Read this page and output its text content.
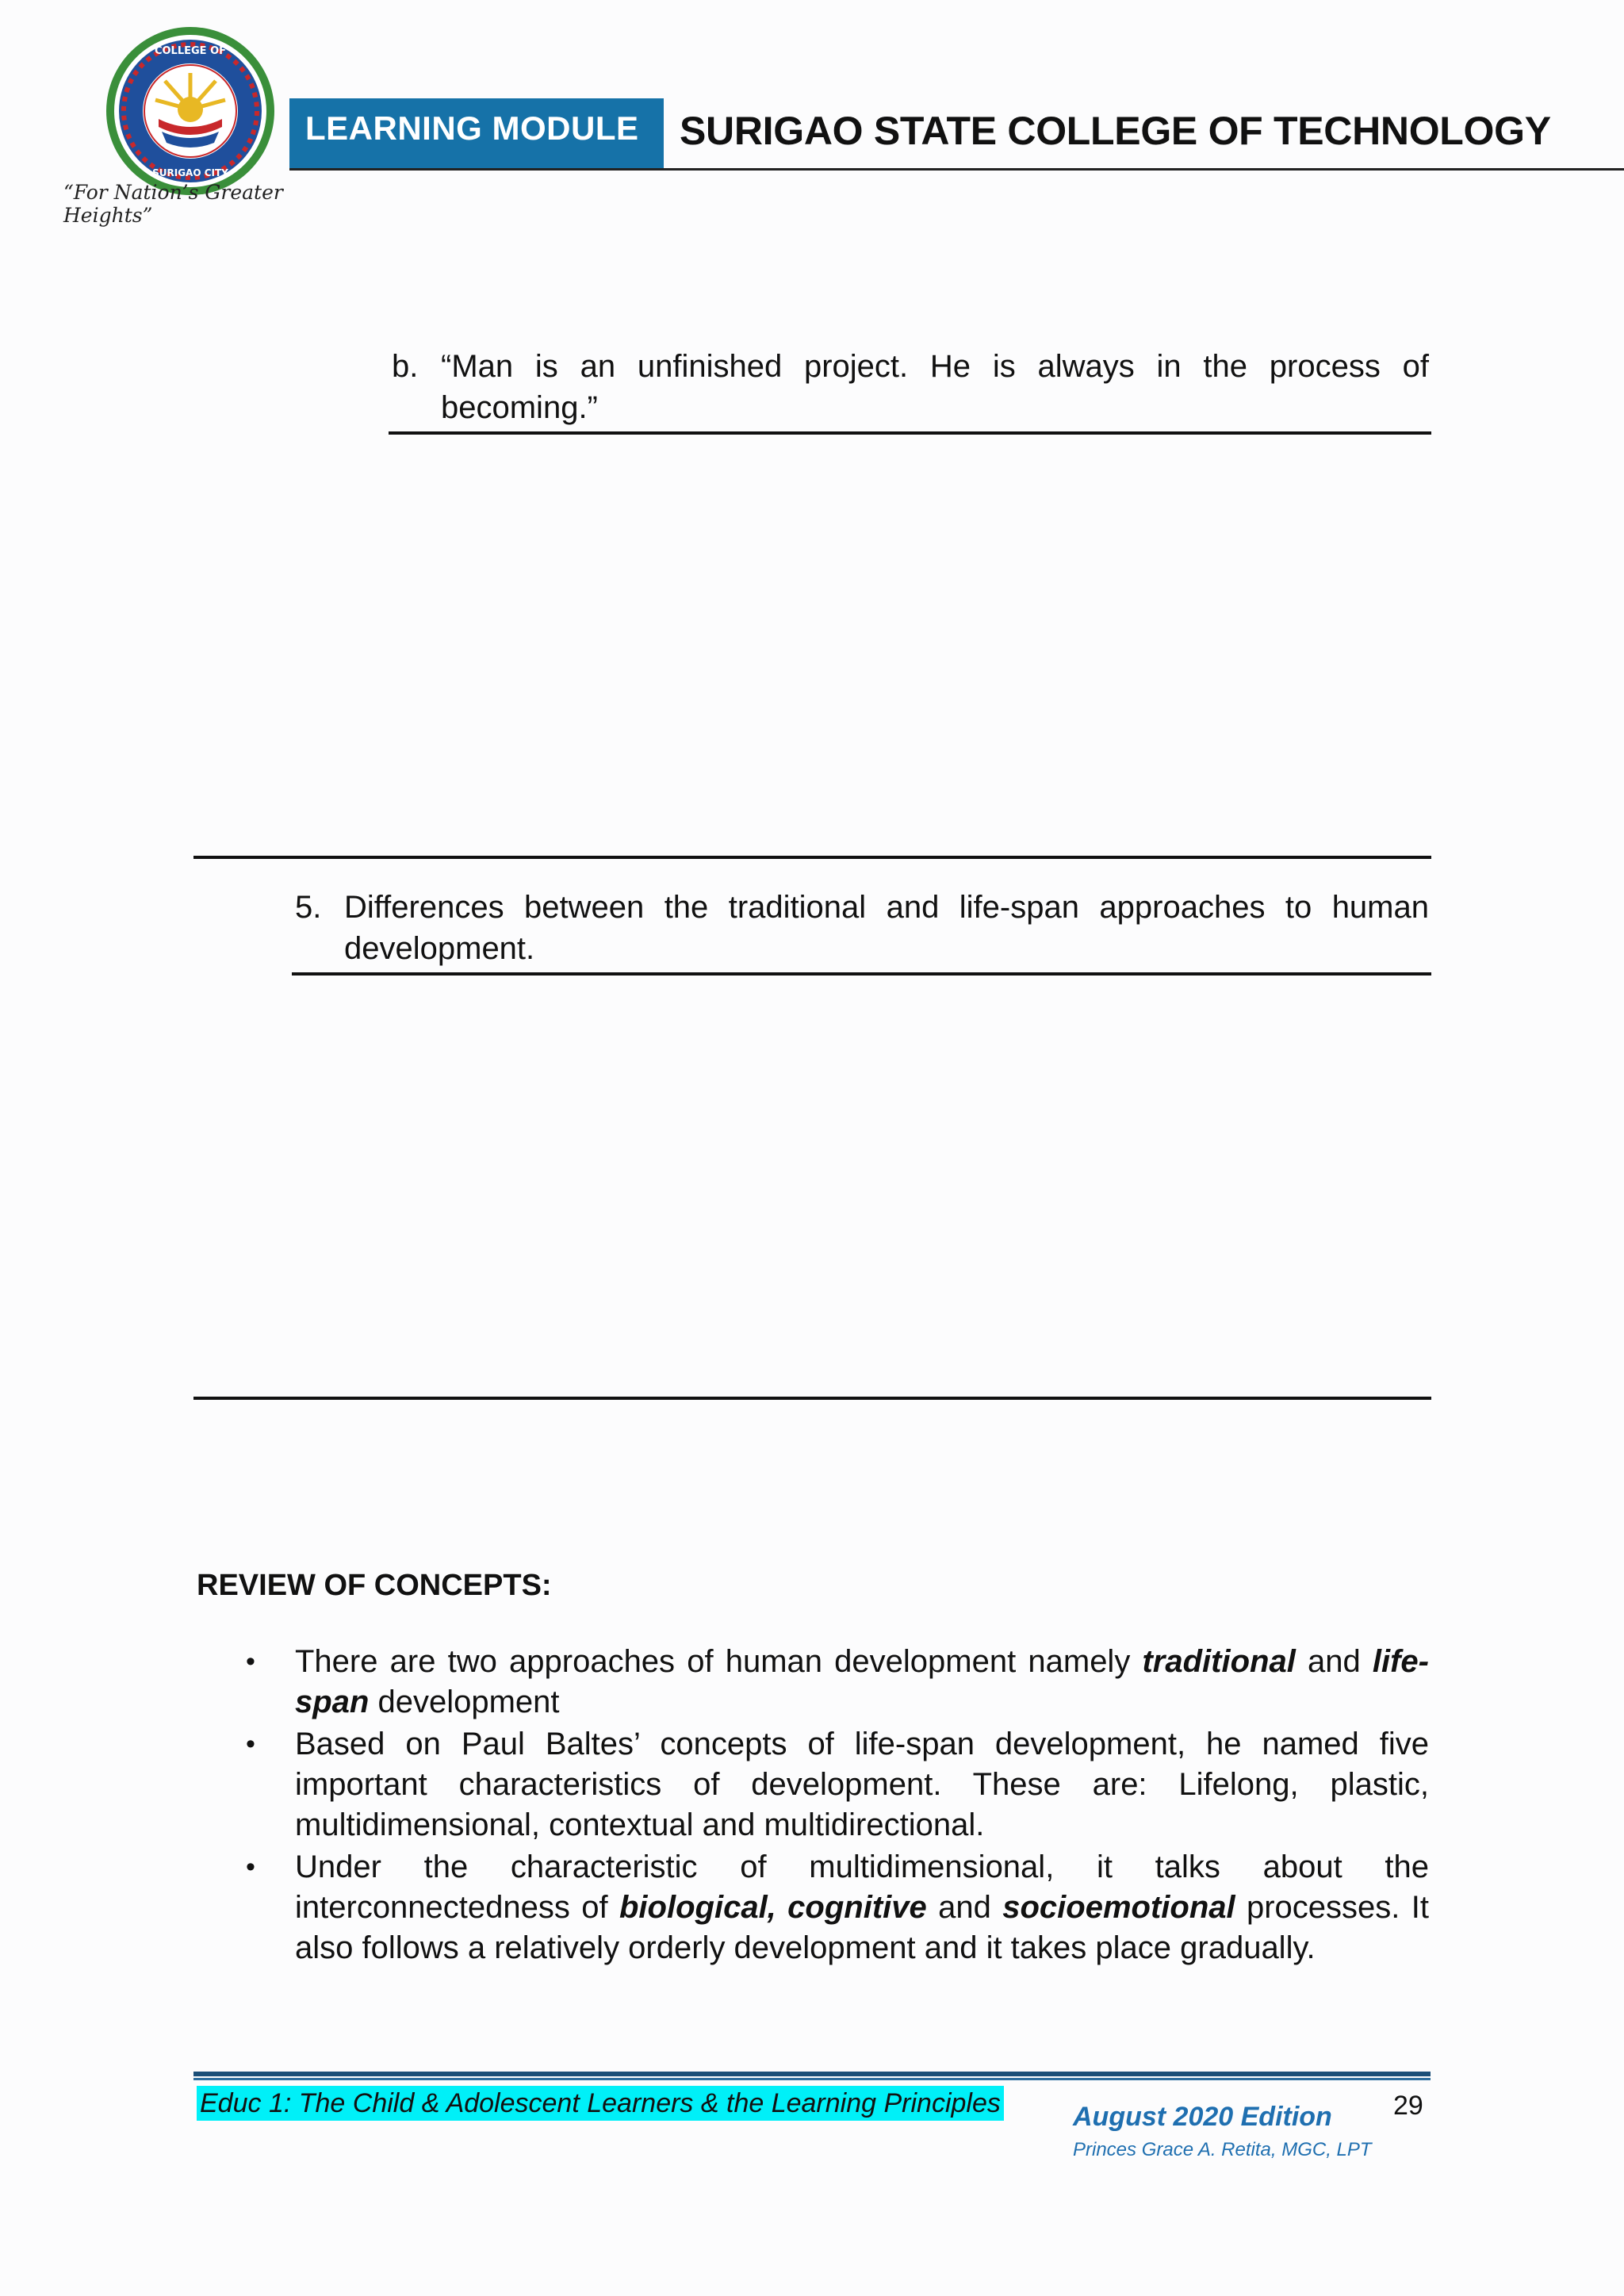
COLLEGE OF
SURIGAO CITY
“For Nation’s Greater Heights”
LEARNING MODULE	SURIGAO STATE COLLEGE OF TECHNOLOGY
b. “Man is an unfinished project. He is always in the process of becoming.”
5. Differences between the traditional and life-span approaches to human development.
REVIEW OF CONCEPTS:
• There are two approaches of human development namely traditional and life-span development
• Based on Paul Baltes’ concepts of life-span development, he named five important characteristics of development. These are: Lifelong, plastic, multidimensional, contextual and multidirectional.
• Under the characteristic of multidimensional, it talks about the interconnectedness of biological, cognitive and socioemotional processes. It also follows a relatively orderly development and it takes place gradually.
Educ 1: The Child & Adolescent Learners & the Learning Principles	August 2020 Edition
Princes Grace A. Retita, MGC, LPT
29
